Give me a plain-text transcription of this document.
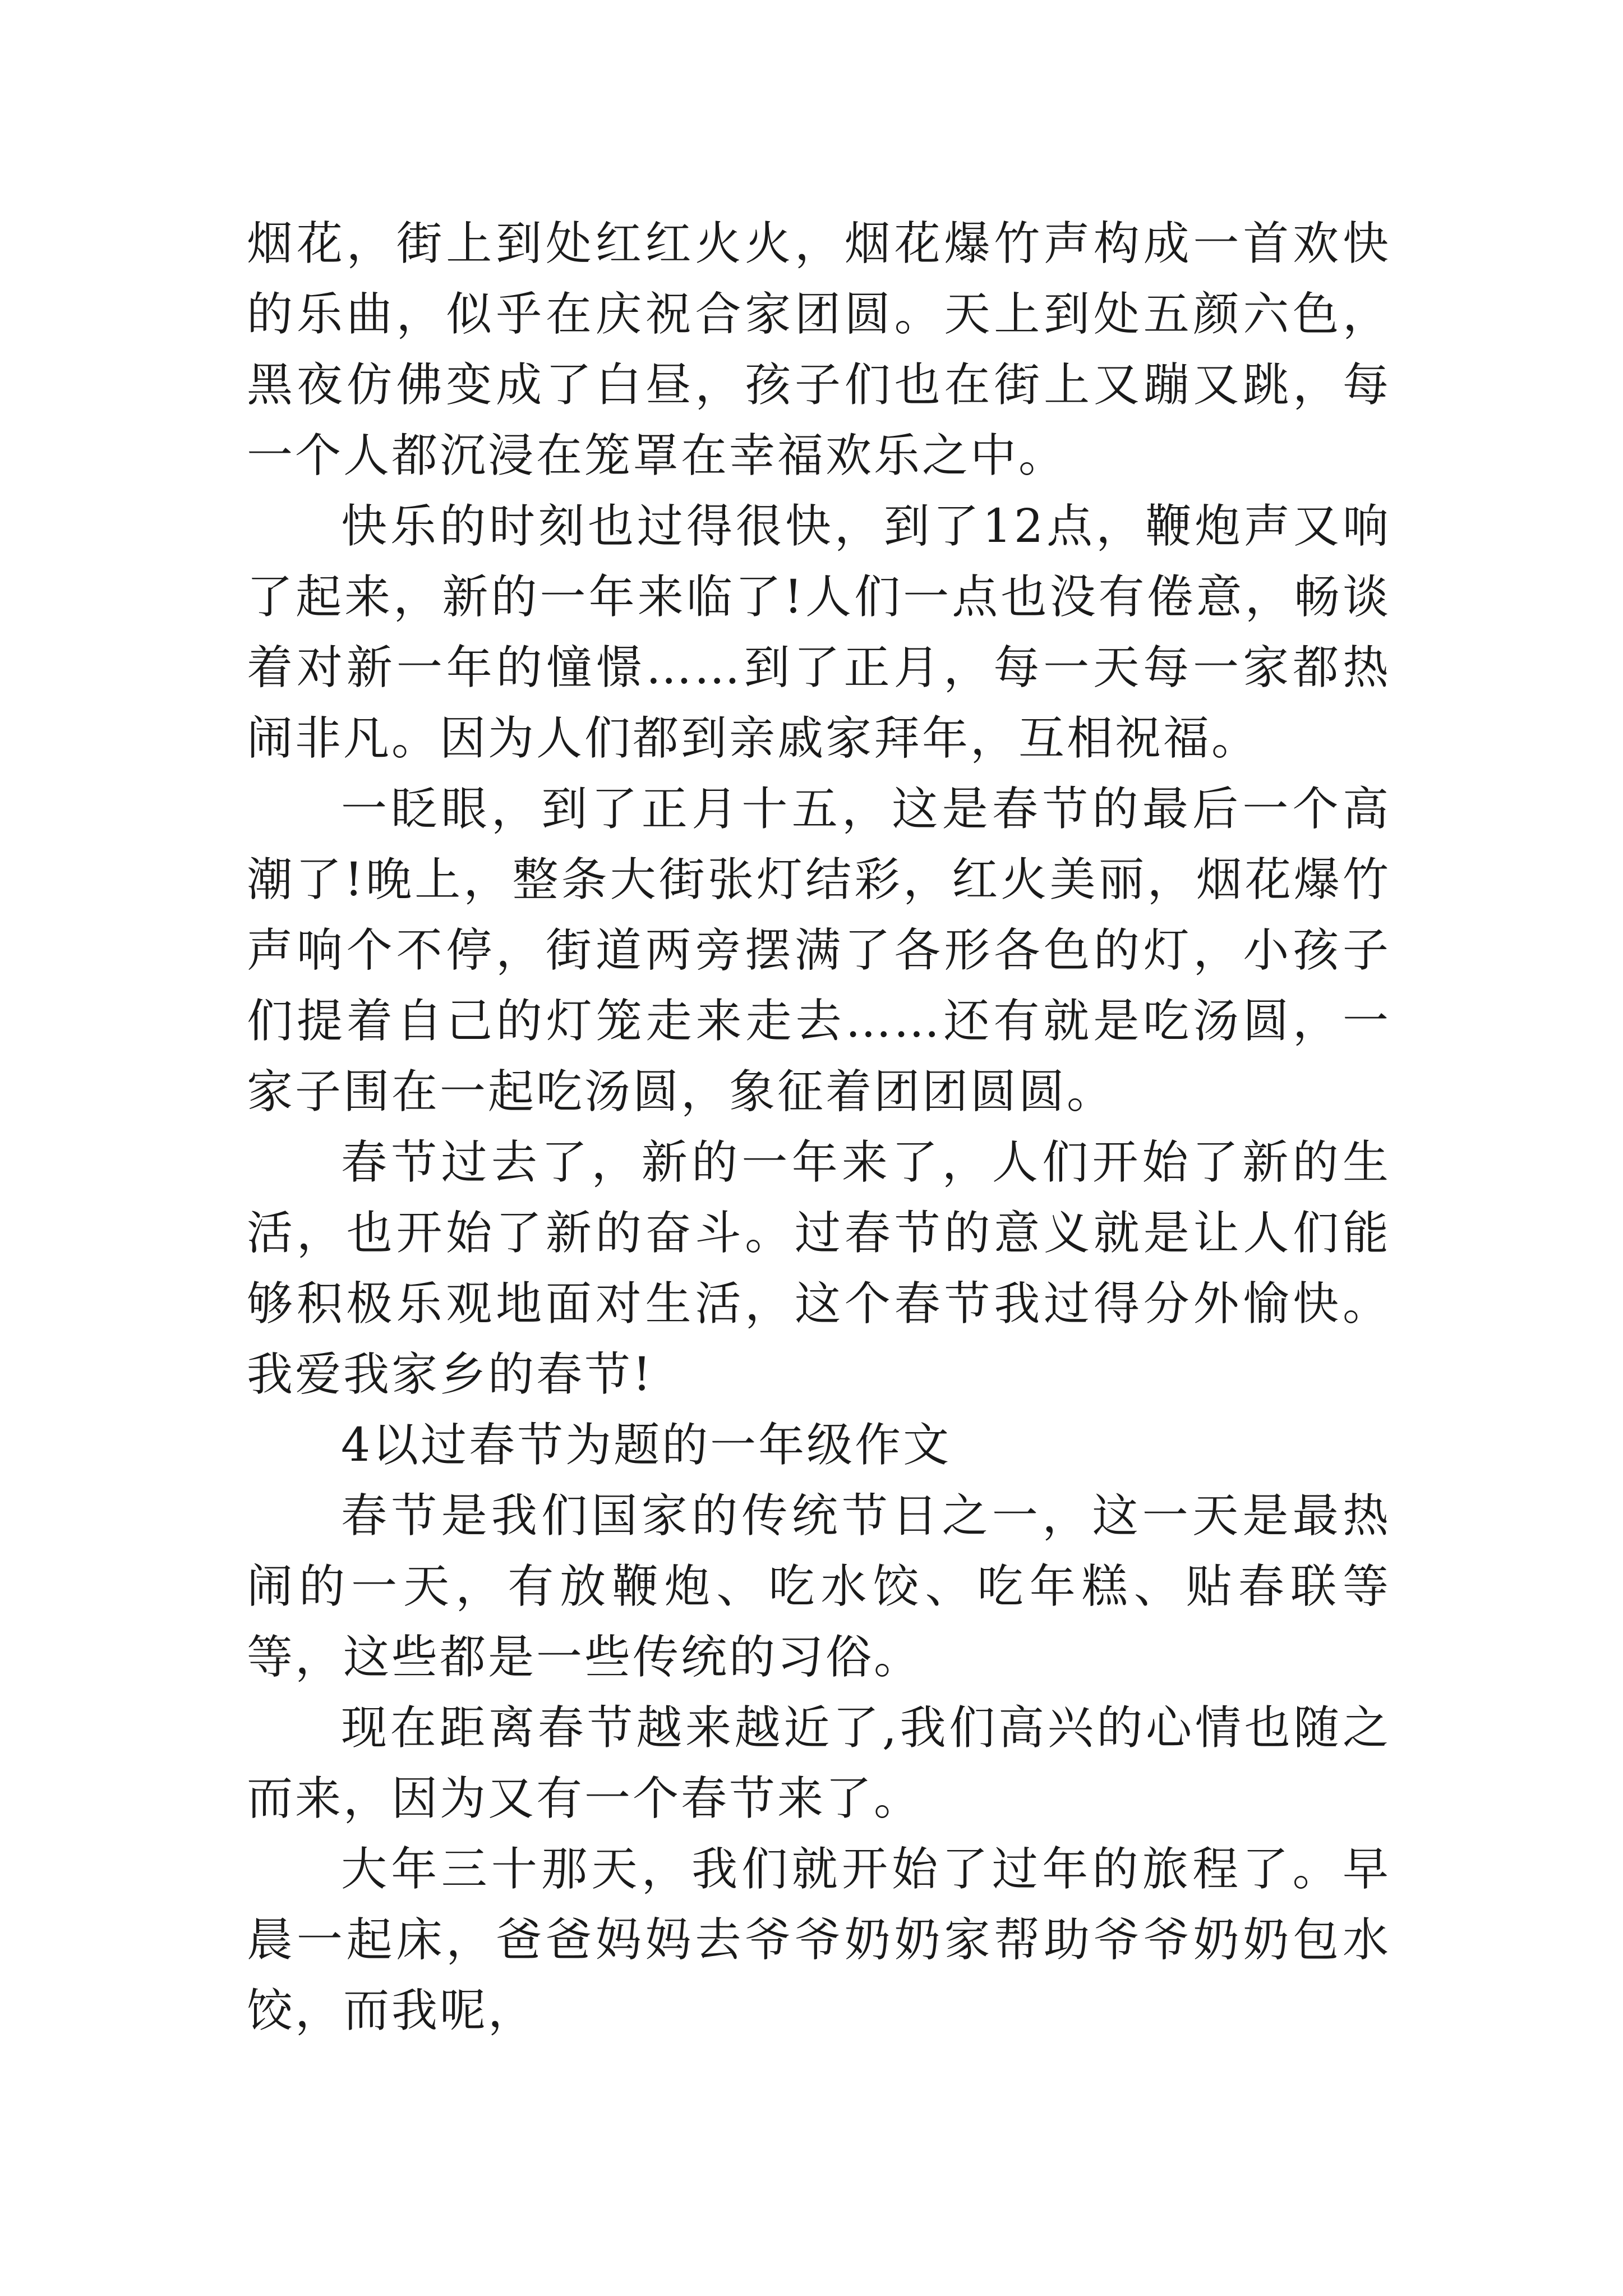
烟花，街上到处红红火火，烟花爆竹声构成一首欢快的乐曲，似乎在庆祝合家团圆。天上到处五颜六色，黑夜仿佛变成了白昼，孩子们也在街上又蹦又跳，每一个人都沉浸在笼罩在幸福欢乐之中。

快乐的时刻也过得很快，到了12点，鞭炮声又响了起来，新的一年来临了!人们一点也没有倦意，畅谈着对新一年的憧憬……到了正月，每一天每一家都热闹非凡。因为人们都到亲戚家拜年，互相祝福。

一眨眼，到了正月十五，这是春节的最后一个高潮了!晚上，整条大街张灯结彩，红火美丽，烟花爆竹声响个不停，街道两旁摆满了各形各色的灯，小孩子们提着自己的灯笼走来走去……还有就是吃汤圆，一家子围在一起吃汤圆，象征着团团圆圆。

春节过去了，新的一年来了，人们开始了新的生活，也开始了新的奋斗。过春节的意义就是让人们能够积极乐观地面对生活，这个春节我过得分外愉快。我爱我家乡的春节!

4以过春节为题的一年级作文

春节是我们国家的传统节日之一，这一天是最热闹的一天，有放鞭炮、吃水饺、吃年糕、贴春联等等，这些都是一些传统的习俗。

现在距离春节越来越近了,我们高兴的心情也随之而来，因为又有一个春节来了。

大年三十那天，我们就开始了过年的旅程了。早晨一起床，爸爸妈妈去爷爷奶奶家帮助爷爷奶奶包水饺，而我呢，
